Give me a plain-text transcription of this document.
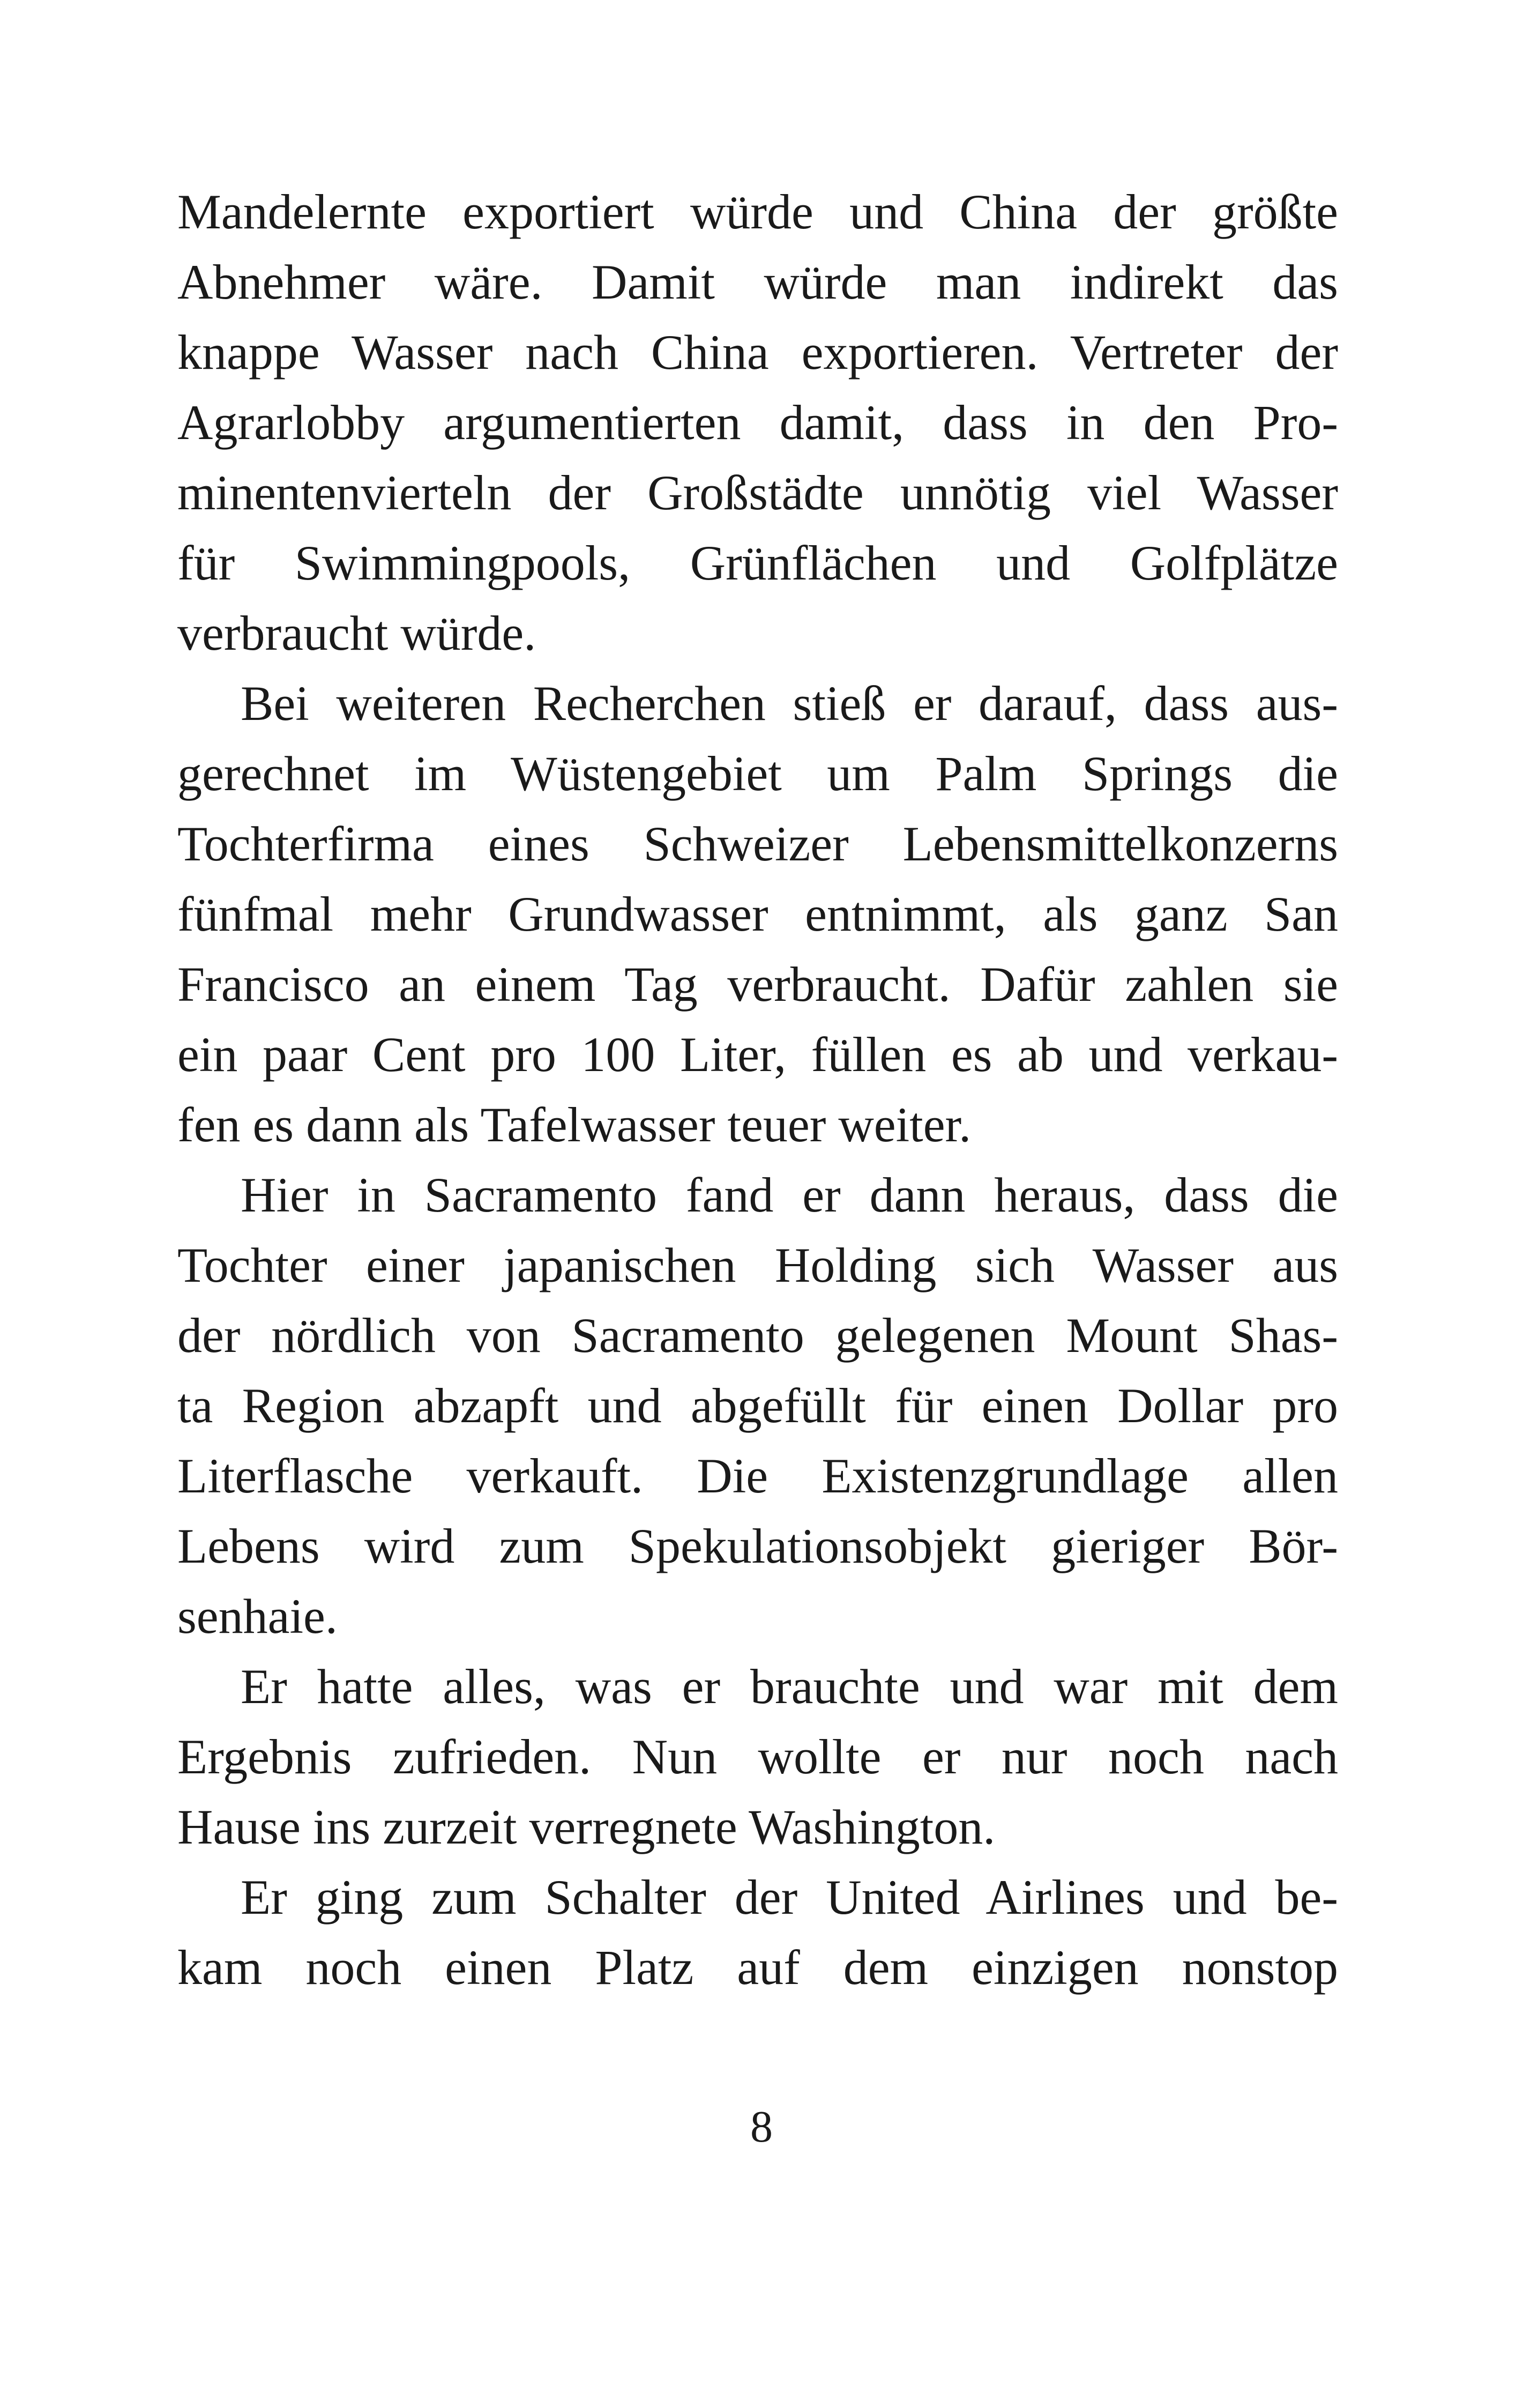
Mandelernte exportiert würde und China der größte
Abnehmer wäre. Damit würde man indirekt das
knappe Wasser nach China exportieren. Vertreter der
Agrarlobby argumentierten damit, dass in den Pro-
minentenvierteln der Großstädte unnötig viel Wasser
für Swimmingpools, Grünflächen und Golfplätze
verbraucht würde.
Bei weiteren Recherchen stieß er darauf, dass aus-
gerechnet im Wüstengebiet um Palm Springs die
Tochterfirma eines Schweizer Lebensmittelkonzerns
fünfmal mehr Grundwasser entnimmt, als ganz San
Francisco an einem Tag verbraucht. Dafür zahlen sie
ein paar Cent pro 100 Liter, füllen es ab und verkau-
fen es dann als Tafelwasser teuer weiter.
Hier in Sacramento fand er dann heraus, dass die
Tochter einer japanischen Holding sich Wasser aus
der nördlich von Sacramento gelegenen Mount Shas-
ta Region abzapft und abgefüllt für einen Dollar pro
Literflasche verkauft. Die Existenzgrundlage allen
Lebens wird zum Spekulationsobjekt gieriger Bör-
senhaie.
Er hatte alles, was er brauchte und war mit dem
Ergebnis zufrieden. Nun wollte er nur noch nach
Hause ins zurzeit verregnete Washington.
Er ging zum Schalter der United Airlines und be-
kam noch einen Platz auf dem einzigen nonstop
8
